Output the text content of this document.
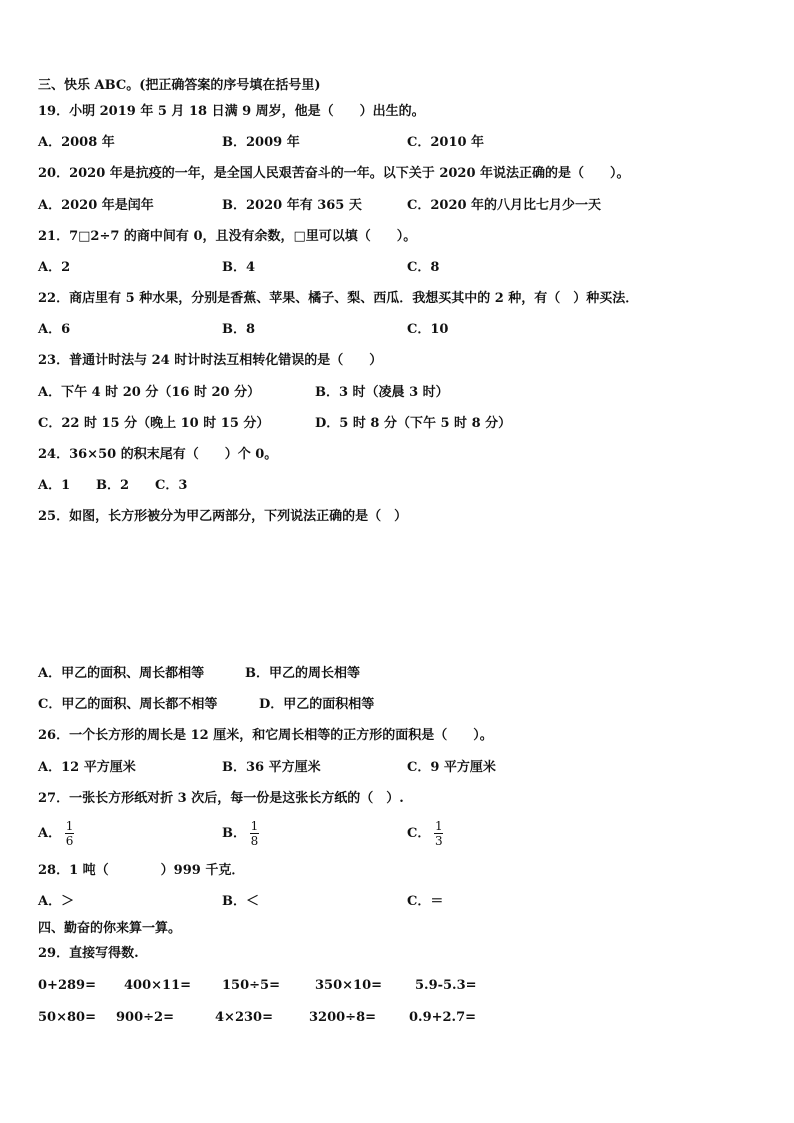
三、快乐 ABC。(把正确答案的序号填在括号里)
19．小明 2019 年 5 月 18 日满 9 周岁，他是（　　）出生的。
A．2008 年	B．2009 年	C．2010 年
20．2020 年是抗疫的一年，是全国人民艰苦奋斗的一年。以下关于 2020 年说法正确的是（　　）。
A．2020 年是闰年	B．2020 年有 365 天	C．2020 年的八月比七月少一天
21．7□2÷7 的商中间有 0，且没有余数，□里可以填（　　）。
A．2	B．4	C．8
22．商店里有 5 种水果，分别是香蕉、苹果、橘子、梨、西瓜．我想买其中的 2 种，有（　）种买法．
A．6	B．8	C．10
23．普通计时法与 24 时计时法互相转化错误的是（　　）
A．下午 4 时 20 分（16 时 20 分）	B．3 时（凌晨 3 时）
C．22 时 15 分（晚上 10 时 15 分）	D．5 时 8 分（下午 5 时 8 分）
24．36×50 的积末尾有（　　）个 0。
A．1 B．2 C．3
25．如图，长方形被分为甲乙两部分，下列说法正确的是（　）
A．甲乙的面积、周长都相等	B．甲乙的周长相等
C．甲乙的面积、周长都不相等	D．甲乙的面积相等
26．一个长方形的周长是 12 厘米，和它周长相等的正方形的面积是（　　）。
A．12 平方厘米	B．36 平方厘米	C．9 平方厘米
27．一张长方形纸对折 3 次后，每一份是这张长方纸的（　）.
A． $\frac{1}{6}$	B． $\frac{1}{8}$	C． $\frac{1}{3}$
28．1 吨（　　　　）999 千克．
A．＞	B．＜	C．＝
四、勤奋的你来算一算。
29．直接写得数.
0+289= 400×11= 150÷5=	350×10=	5.9-5.3=
50×80= 900÷2=	4×230=	3200÷8=	0.9+2.7=
